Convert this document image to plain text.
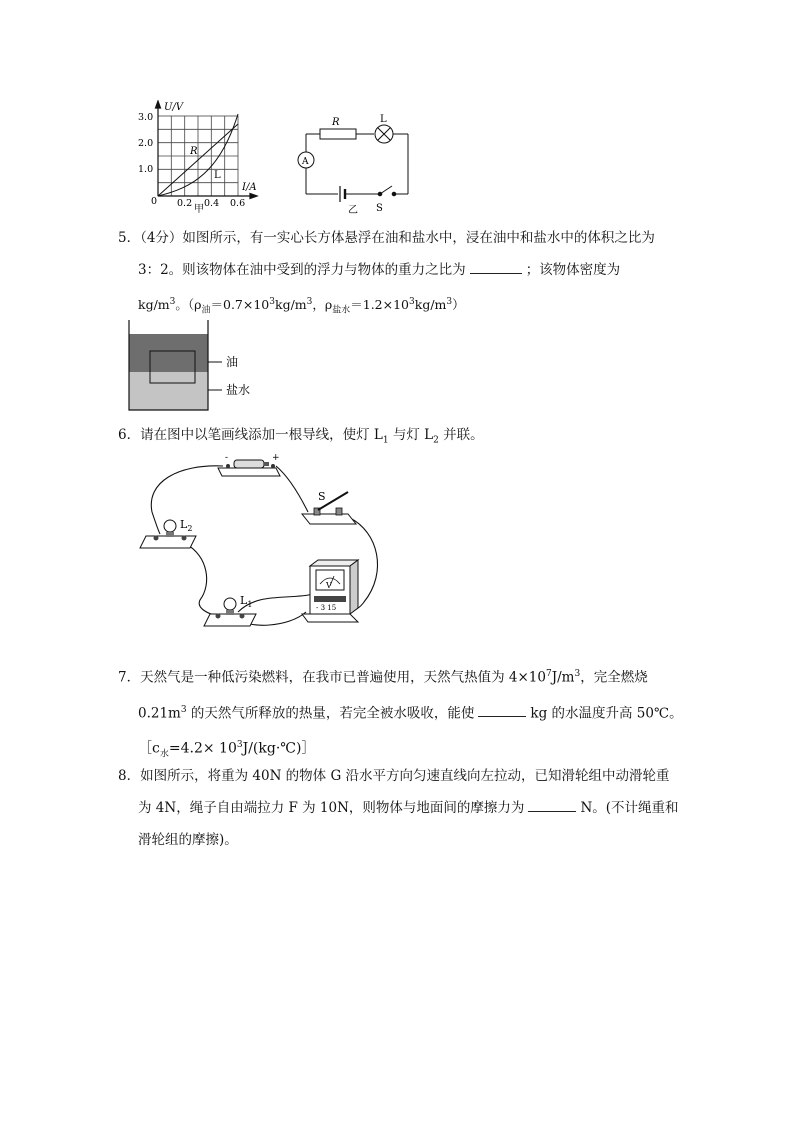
U/V
3.0
2.0
1.0
0 0.2 0.4 0.6
I/A
R
L
甲
R	L
A
乙 S
5．（4分）如图所示，有一实心长方体悬浮在油和盐水中，浸在油中和盐水中的体积之比为
3：2。则该物体在油中受到的浮力与物体的重力之比为	；该物体密度为
$kg/m^3$。（$\rho_油=0.7\times 10^3kg/m^3$，$\rho_{盐水}=1.2\times 10^3kg/m^3$）
油
盐水
6．请在图中以笔画线添加一根导线，使灯 $L_1$ 与灯 $L_2$ 并联。
-	+
S
$L_2$
$L_1$
V
- 3 15
7．天然气是一种低污染燃料，在我市已普遍使用，天然气热值为 $4\times 10^7J/m^3$，完全燃烧
$0.21m^3$ 的天然气所释放的热量，若完全被水吸收，能使	kg 的水温度升高 50℃。
$[c_水=4.2\times$ $10^3J/(kg\cdot℃)]$
8．如图所示，将重为 40N 的物体 G 沿水平方向匀速直线向左拉动，已知滑轮组中动滑轮重
为 4N，绳子自由端拉力 F 为 10N，则物体与地面间的摩擦力为	N。(不计绳重和
滑轮组的摩擦)。
